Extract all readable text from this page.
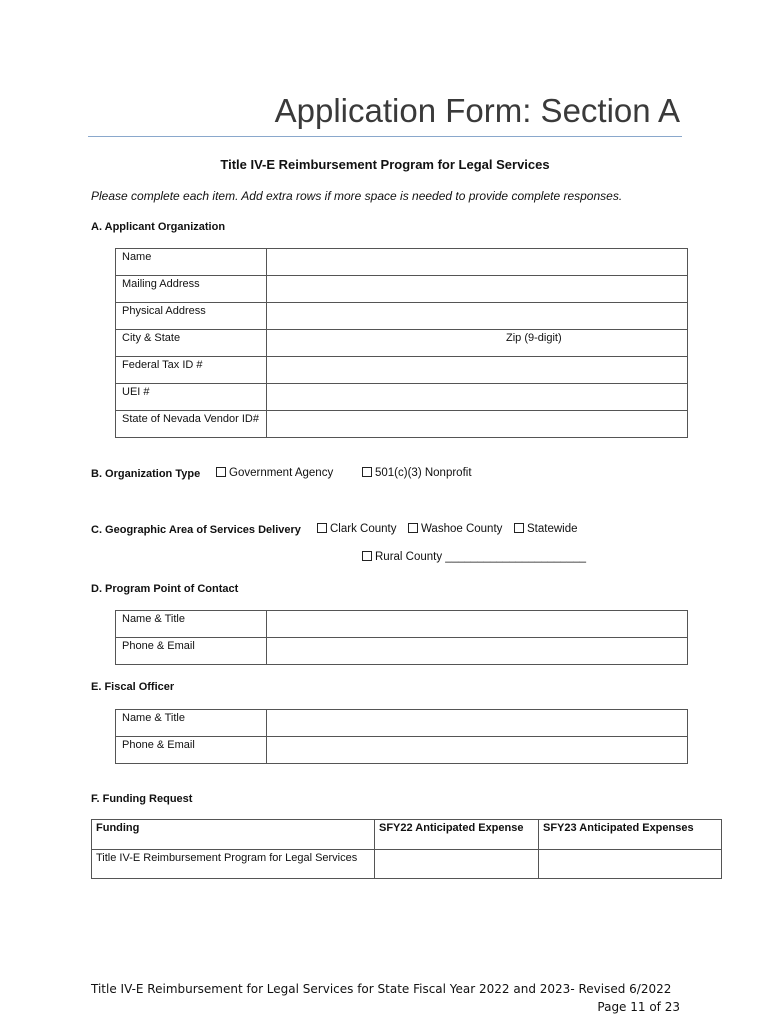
Application Form: Section A
Title IV-E Reimbursement Program for Legal Services
Please complete each item. Add extra rows if more space is needed to provide complete responses.
A. Applicant Organization
Name	
Mailing Address	
Physical Address	
City & State	Zip (9-digit)

Federal Tax ID #	
UEI #	
State of Nevada Vendor ID#	
B. Organization Type	Government Agency	501(c)(3) Nonprofit
C. Geographic Area of Services Delivery	Clark County	Washoe County	Statewide
Rural County ______________________
D. Program Point of Contact
Name & Title	
Phone & Email	
E. Fiscal Officer
Name & Title	
Phone & Email	
F. Funding Request
Funding	SFY22 Anticipated Expense	SFY23 Anticipated Expenses
Title IV-E Reimbursement Program for Legal Services		
Title IV-E Reimbursement for Legal Services for State Fiscal Year 2022 and 2023- Revised 6/2022
Page 11 of 23
